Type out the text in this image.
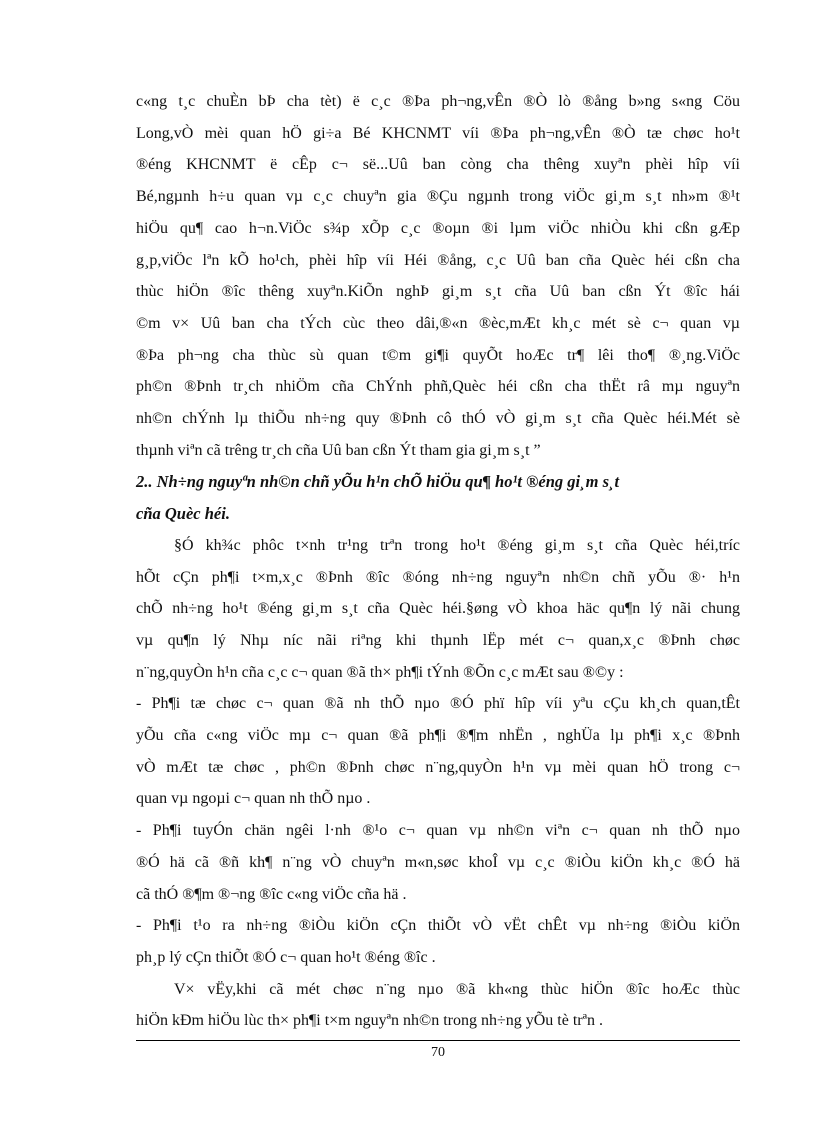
c«ng t¸c chuÈn bÞ cha tèt) ë c¸c ®Þa ph¬ng,vÊn ®Ò lò ®ång b»ng s«ng Cöu

Long,vÒ mèi quan hÖ gi÷a Bé KHCNMT víi ®Þa ph¬ng,vÊn ®Ò tæ chøc ho¹t

®éng KHCNMT ë cÊp c¬ së...Uû ban còng cha thêng xuyªn phèi hîp víi

Bé,ngµnh h÷u quan vµ c¸c chuyªn gia ®Çu ngµnh trong viÖc gi¸m s¸t nh»m ®¹t

hiÖu qu¶ cao h¬n.ViÖc s¾p xÕp c¸c ®oµn ®i lµm viÖc nhiÒu khi cßn gÆp

g¸p,viÖc lªn kÕ ho¹ch, phèi hîp víi Héi ®ång, c¸c Uû ban cña Quèc héi cßn cha

thùc hiÖn ®îc thêng xuyªn.KiÕn nghÞ gi¸m s¸t cña Uû ban cßn Ýt ®îc hái

©m v× Uû ban cha tÝch cùc theo dâi,®«n ®èc,mÆt kh¸c mét sè c¬ quan vµ

®Þa ph¬ng cha thùc sù quan t©m gi¶i quyÕt hoÆc tr¶ lêi tho¶ ®¸ng.ViÖc

ph©n ®Þnh tr¸ch nhiÖm cña ChÝnh phñ,Quèc héi cßn cha thËt râ mµ nguyªn

nh©n chÝnh lµ thiÕu nh÷ng quy ®Þnh cô thÓ vÒ gi¸m s¸t cña Quèc héi.Mét sè

thµnh viªn cã trêng tr¸ch cña Uû ban cßn Ýt tham gia gi¸m s¸t ”

2.. Nh÷ng nguyªn nh©n chñ yÕu h¹n chÕ hiÖu qu¶ ho¹t ®éng gi¸m s¸t

cña Quèc héi.

§Ó kh¾c phôc t×nh tr¹ng trªn trong ho¹t ®éng gi¸m s¸t cña Quèc héi,tríc

hÕt cÇn ph¶i t×m,x¸c ®Þnh ®îc ®óng nh÷ng nguyªn nh©n chñ yÕu ®· h¹n

chÕ nh÷ng ho¹t ®éng gi¸m s¸t cña Quèc héi.§øng vÒ khoa häc qu¶n lý nãi chung

vµ qu¶n lý Nhµ níc nãi riªng khi thµnh lËp mét c¬ quan,x¸c ®Þnh chøc

n¨ng,quyÒn h¹n cña c¸c c¬ quan ®ã th× ph¶i tÝnh ®Õn c¸c mÆt sau ®©y :

- Ph¶i tæ chøc c¬ quan ®ã nh thÕ nµo ®Ó phï hîp víi yªu cÇu kh¸ch quan,tÊt

yÕu cña c«ng viÖc mµ c¬ quan ®ã ph¶i ®¶m nhËn , nghÜa lµ ph¶i x¸c ®Þnh

vÒ mÆt tæ chøc , ph©n ®Þnh chøc n¨ng,quyÒn h¹n vµ mèi quan hÖ trong c¬

quan vµ ngoµi c¬ quan nh thÕ nµo .

- Ph¶i tuyÓn chän ngêi l·nh ®¹o c¬ quan vµ nh©n viªn c¬ quan nh thÕ nµo

®Ó hä cã ®ñ kh¶ n¨ng vÒ chuyªn m«n,søc khoÎ vµ c¸c ®iÒu kiÖn kh¸c ®Ó hä

cã thÓ ®¶m ®¬ng ®îc c«ng viÖc cña hä .

- Ph¶i t¹o ra nh÷ng ®iÒu kiÖn cÇn thiÕt vÒ vËt chÊt vµ nh÷ng ®iÒu kiÖn

ph¸p lý cÇn thiÕt ®Ó c¬ quan ho¹t ®éng ®îc .

V× vËy,khi cã mét chøc n¨ng nµo ®ã kh«ng thùc hiÖn ®îc hoÆc thùc

hiÖn kÐm hiÖu lùc th× ph¶i t×m nguyªn nh©n trong nh÷ng yÕu tè trªn .

70
